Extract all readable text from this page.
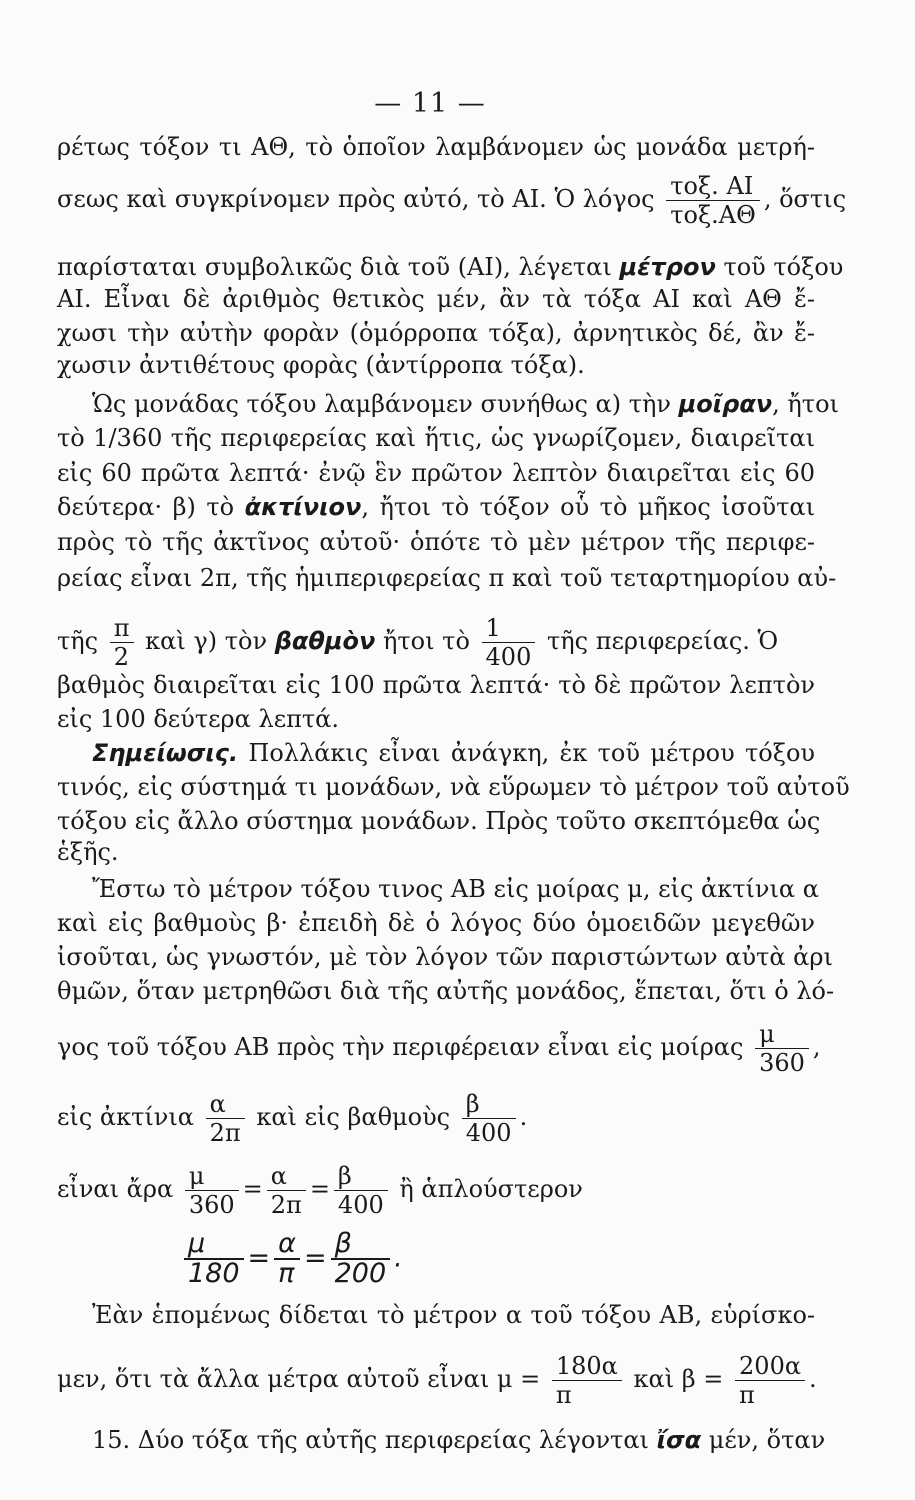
— 11 —
ρέτως τόξον τι ΑΘ, τὸ ὁποῖον λαμβάνομεν ὡς μονάδα μετρή-
σεως καὶ συγκρίνομεν πρὸς αὐτό, τὸ ΑΙ. Ὁ λόγος $\frac{\text{τοξ. ΑΙ}}{\text{τοξ.ΑΘ}}$ , ὅστις
παρίσταται συμβολικῶς διὰ τοῦ (ΑΙ), λέγεται μέτρον τοῦ τόξου
ΑΙ. Εἶναι δὲ ἀριθμὸς θετικὸς μέν, ἂν τὰ τόξα ΑΙ καὶ ΑΘ ἔ-
χωσι τὴν αὐτὴν φορὰν (ὁμόρροπα τόξα), ἀρνητικὸς δέ, ἂν ἔ-
χωσιν ἀντιθέτους φορὰς (ἀντίρροπα τόξα).
Ὡς μονάδας τόξου λαμβάνομεν συνήθως α) τὴν μοῖραν, ἤτοι
τὸ 1/360 τῆς περιφερείας καὶ ἥτις, ὡς γνωρίζομεν, διαιρεῖται
εἰς 60 πρῶτα λεπτά· ἐνῷ ἓν πρῶτον λεπτὸν διαιρεῖται εἰς 60
δεύτερα· β) τὸ ἀκτίνιον, ἤτοι τὸ τόξον οὗ τὸ μῆκος ἰσοῦται
πρὸς τὸ τῆς ἀκτῖνος αὐτοῦ· ὁπότε τὸ μὲν μέτρον τῆς περιφε-
ρείας εἶναι 2π, τῆς ἡμιπεριφερείας π καὶ τοῦ τεταρτημορίου αὐ-
τῆς $\frac{\pi}{2}$ καὶ γ) τὸν βαθμὸν ἤτοι τὸ $\frac{1}{400}$ τῆς περιφερείας. Ὁ
βαθμὸς διαιρεῖται εἰς 100 πρῶτα λεπτά· τὸ δὲ πρῶτον λεπτὸν
εἰς 100 δεύτερα λεπτά.
Σημείωσις. Πολλάκις εἶναι ἀνάγκη, ἐκ τοῦ μέτρου τόξου
τινός, εἰς σύστημά τι μονάδων, νὰ εὕρωμεν τὸ μέτρον τοῦ αὐτοῦ
τόξου εἰς ἄλλο σύστημα μονάδων. Πρὸς τοῦτο σκεπτόμεθα ὡς
ἑξῆς.
Ἔστω τὸ μέτρον τόξου τινος ΑΒ εἰς μοίρας μ, εἰς ἀκτίνια α
καὶ εἰς βαθμοὺς β· ἐπειδὴ δὲ ὁ λόγος δύο ὁμοειδῶν μεγεθῶν
ἰσοῦται, ὡς γνωστόν, μὲ τὸν λόγον τῶν παριστώντων αὐτὰ ἀρι
θμῶν, ὅταν μετρηθῶσι διὰ τῆς αὐτῆς μονάδος, ἕπεται, ὅτι ὁ λό-
γος τοῦ τόξου ΑΒ πρὸς τὴν περιφέρειαν εἶναι εἰς μοίρας $\frac{\mu}{360}$ ,
εἰς ἀκτίνια $\frac{\alpha}{2\pi}$ καὶ εἰς βαθμοὺς $\frac{\beta}{400}$ .
εἶναι ἄρα $\frac{\mu}{360} = \frac{\alpha}{2\pi} = \frac{\beta}{400}$ ἢ ἁπλούστερον
$\frac{\mu}{180} = \frac{\alpha}{\pi} = \frac{\beta}{200}$ .
Ἐὰν ἑπομένως δίδεται τὸ μέτρον α τοῦ τόξου ΑΒ, εὑρίσκο-
μεν, ὅτι τὰ ἄλλα μέτρα αὐτοῦ εἶναι $\mu = \frac{180\alpha}{\pi}$ καὶ $\beta = \frac{200\alpha}{\pi}$ .
15. Δύο τόξα τῆς αὐτῆς περιφερείας λέγονται ἴσα μέν, ὅταν
